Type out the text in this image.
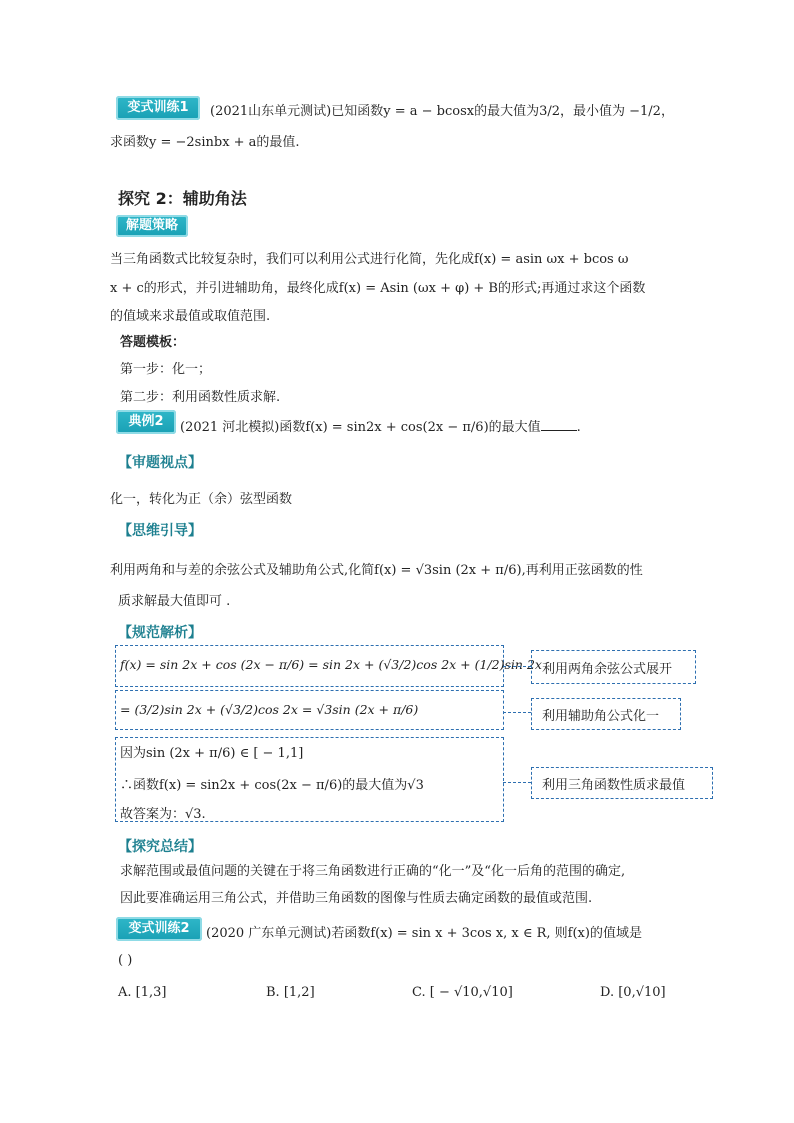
变式训练1	(2021山东单元测试)已知函数y = a − bcosx的最大值为3/2，最小值为 −1/2，
求函数y = −2sinbx + a的最值.
探究 2：辅助角法
解题策略
当三角函数式比较复杂时，我们可以利用公式进行化简，先化成f(x) = asin ωx + bcos ω
x + c的形式，并引进辅助角，最终化成f(x) = Asin (ωx + φ) + B的形式;再通过求这个函数
的值域来求最值或取值范围.
答题模板：
第一步：化一；
第二步：利用函数性质求解.
典例2	(2021 河北模拟)函数f(x) = sin2x + cos⁡(2x − π/6)的最大值	.
【审题视点】
化一，转化为正（余）弦型函数
【思维引导】
利用两角和与差的余弦公式及辅助角公式,化简f(x) = √3sin (2x + π/6),再利用正弦函数的性
质求解最大值即可 .
【规范解析】
f(x) = sin 2x + cos (2x − π/6) = sin 2x + (√3/2)cos 2x + (1/2)sin 2x 利用两角余弦公式展开
= (3/2)sin 2x + (√3/2)cos 2x = √3sin (2x + π/6)	利用辅助角公式化一
因为sin (2x + π/6) ∈ [ − 1,1]
∴函数f(x) = sin2x + cos⁡(2x − π/6)的最大值为√3
故答案为：√3.
利用三角函数性质求最值
【探究总结】
求解范围或最值问题的关键在于将三角函数进行正确的“化一”及“化一后角的范围的确定,
因此要准确运用三角公式，并借助三角函数的图像与性质去确定函数的最值或范围.
变式训练2	(2020 广东单元测试)若函数f(x) = sin x + 3cos x, x ∈ R, 则f(x)的值域是
( )
A. [1,3]	B. [1,2]	C. [ − √10,√10]	D. [0,√10]
